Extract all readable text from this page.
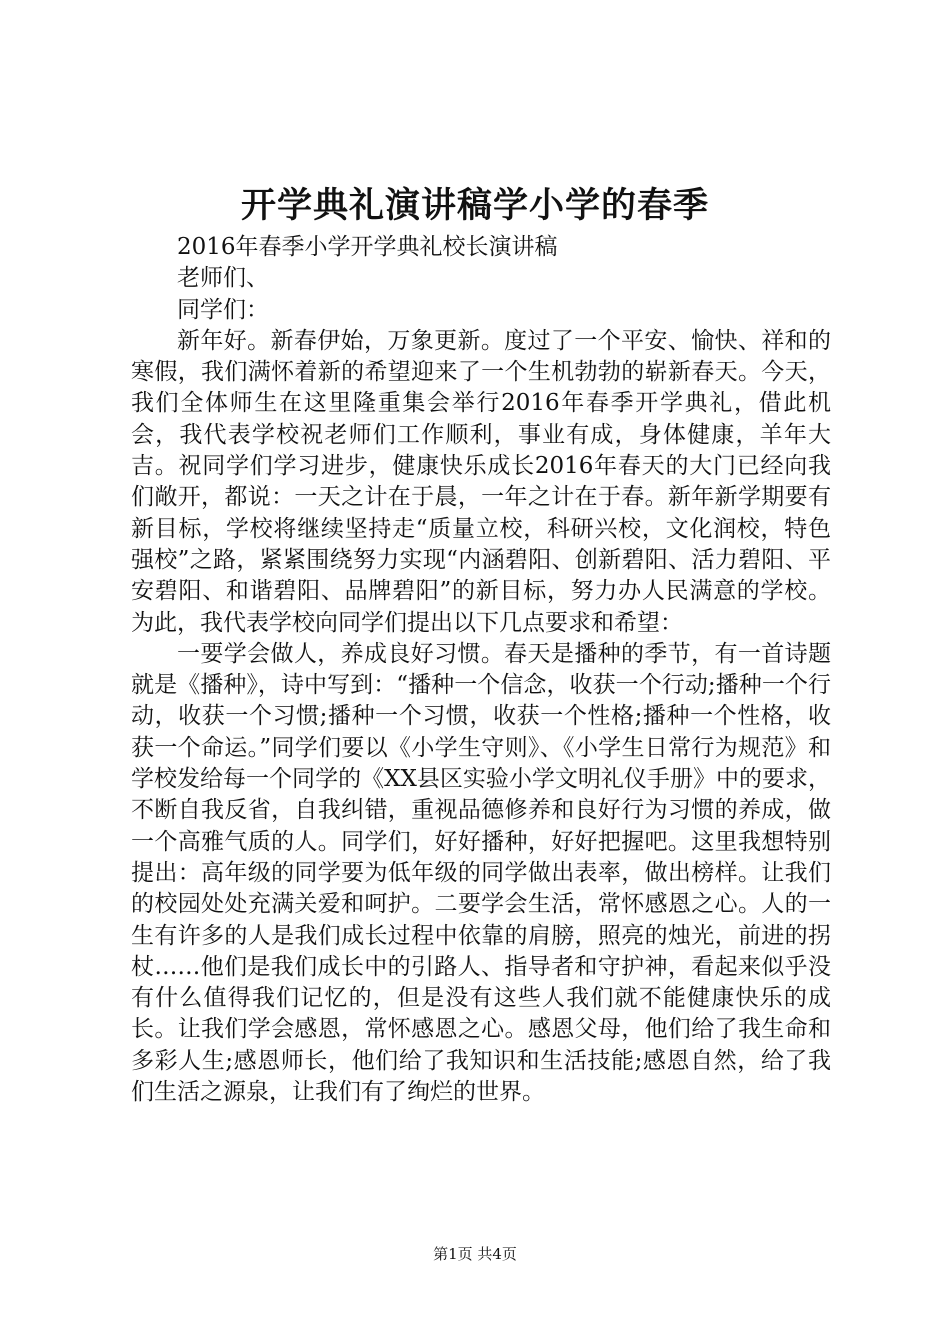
开学典礼演讲稿学小学的春季

2016年春季小学开学典礼校长演讲稿

老师们、

同学们：

新年好。新春伊始，万象更新。度过了一个平安、愉快、祥和的寒假，我们满怀着新的希望迎来了一个生机勃勃的崭新春天。今天，我们全体师生在这里隆重集会举行2016年春季开学典礼，借此机会，我代表学校祝老师们工作顺利，事业有成，身体健康，羊年大吉。祝同学们学习进步，健康快乐成长2016年春天的大门已经向我们敞开，都说：一天之计在于晨，一年之计在于春。新年新学期要有新目标，学校将继续坚持走“质量立校，科研兴校，文化润校，特色强校”之路，紧紧围绕努力实现“内涵碧阳、创新碧阳、活力碧阳、平安碧阳、和谐碧阳、品牌碧阳”的新目标，努力办人民满意的学校。为此，我代表学校向同学们提出以下几点要求和希望：

一要学会做人，养成良好习惯。春天是播种的季节，有一首诗题就是《播种》，诗中写到：“播种一个信念，收获一个行动;播种一个行动，收获一个习惯;播种一个习惯，收获一个性格;播种一个性格，收获一个命运。”同学们要以《小学生守则》、《小学生日常行为规范》和学校发给每一个同学的《XX县区实验小学文明礼仪手册》中的要求，不断自我反省，自我纠错，重视品德修养和良好行为习惯的养成，做一个高雅气质的人。同学们，好好播种，好好把握吧。这里我想特别提出：高年级的同学要为低年级的同学做出表率，做出榜样。让我们的校园处处充满关爱和呵护。二要学会生活，常怀感恩之心。人的一生有许多的人是我们成长过程中依靠的肩膀，照亮的烛光，前进的拐杖……他们是我们成长中的引路人、指导者和守护神，看起来似乎没有什么值得我们记忆的，但是没有这些人我们就不能健康快乐的成长。让我们学会感恩，常怀感恩之心。感恩父母，他们给了我生命和多彩人生;感恩师长，他们给了我知识和生活技能;感恩自然，给了我们生活之源泉，让我们有了绚烂的世界。

第1页 共4页
